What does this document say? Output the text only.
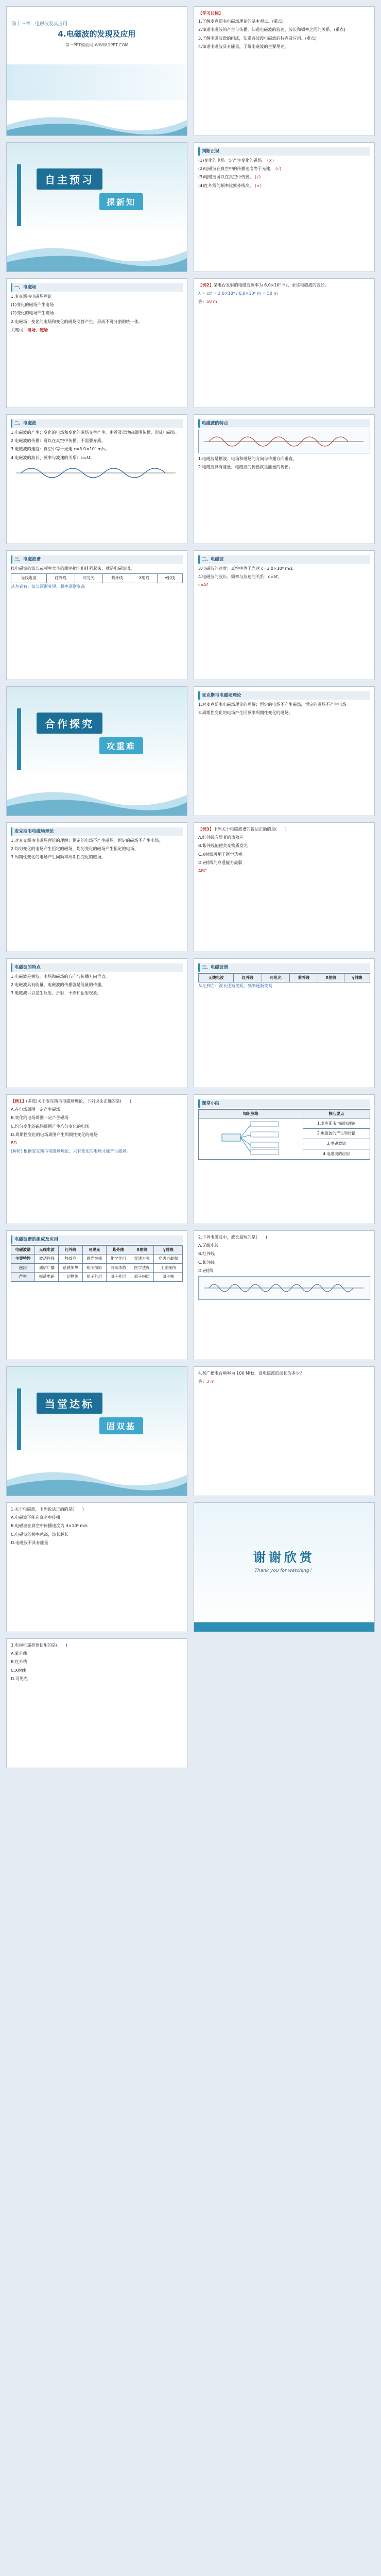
第十三章　电磁波及其应用
4.电磁波的发现及应用
第一PPT模板网-WWW.1PPT.COM
自主预习
探新知
一、电磁场

1.麦克斯韦电磁场理论

(1)变化的磁场产生电场

(2)变化的电场产生磁场

2.电磁场：变化的电场和变化的磁场交替产生，形成不可分割的统一体。

关键词：电场、磁场

二、电磁波

1.电磁波的产生：变化的电场和变化的磁场交替产生，由近及远地向周围传播，形成电磁波。

2.电磁波的传播：可以在真空中传播，不需要介质。

3.电磁波的速度：真空中等于光速 c=3.0×10⁸ m/s。

4.电磁波的波长、频率与波速的关系：c=λf。

三、电磁波谱

按电磁波的波长或频率大小的顺序把它们排列起来，就是电磁波谱。

无线电波	红外线	可见光	紫外线	X射线	γ射线

从左到右：波长逐渐变短，频率逐渐变高

合作探究
攻重难
麦克斯韦电磁场理论

1.对麦克斯韦电磁场理论的理解：恒定的电场不产生磁场，恒定的磁场不产生电场。

2.均匀变化的电场产生恒定的磁场，均匀变化的磁场产生恒定的电场。

3.周期性变化的电场产生同频率周期性变化的磁场。

电磁波的特点

1.电磁波是横波，电场和磁场的方向与传播方向垂直。

2.电磁波具有能量，电磁波的传播就是能量的传播。

3.电磁波可以发生反射、折射、干涉和衍射现象。

【例1】(多选)关于麦克斯韦电磁场理论，下列说法正确的是(　　)

A.在电场周围一定产生磁场

B.变化的电场周围一定产生磁场

C.均匀变化的磁场周围产生均匀变化的电场

D.周期性变化的电场周围产生周期性变化的磁场

BD

[解析] 根据麦克斯韦电磁场理论，只有变化的电场才能产生磁场。

电磁波谱的组成及应用
电磁波谱	无线电波	红外线	可见光	紫外线	X射线	γ射线
主要特性	波动性强	热效应	感光性强	化学作用	穿透力强	穿透力最强
应用	通信广播	遥感加热	照明摄影	消毒杀菌	医学透视	工业探伤
产生	振荡电路	一切物体	原子外层	原子外层	原子内层	原子核
当堂达标
固双基

1.关于电磁波，下列说法正确的是(　　)

A.电磁波不能在真空中传播

B.电磁波在真空中传播速度为 3×10⁸ m/s

C.电磁波的频率越高，波长越长

D.电磁波不具有能量

3.电视机遥控器使用的是(　　)

A.紫外线

B.红外线

C.X射线

D.可见光

【学习目标】

1.了解麦克斯韦电磁场理论的基本观点。(重点)

2.知道电磁波的产生与传播，知道电磁波的波速、波长和频率之间的关系。(重点)

3.了解电磁波谱的组成，知道各波段电磁波的特点及应用。(难点)

4.知道电磁波具有能量，了解电磁波的主要用途。

判断正误

(1)变化的电场一定产生变化的磁场。 (×)

(2)电磁波在真空中的传播速度等于光速。 (√)

(3)电磁波可以在真空中传播。 (√)

(4)红外线的频率比紫外线高。 (×)

【例2】某电台发射的电磁波频率为 6.0×10⁶ Hz，求该电磁波的波长。

λ = c/f = 3.0×10⁸ / 6.0×10⁶ m = 50 m

答：50 m

电磁波的特点

1.电磁波是横波，电场和磁场的方向与传播方向垂直。

2.电磁波具有能量，电磁波的传播就是能量的传播。

二、电磁波

3.电磁波的速度：真空中等于光速 c=3.0×10⁸ m/s。

4.电磁波的波长、频率与波速的关系：c=λf。

c=λf

麦克斯韦电磁场理论

1.对麦克斯韦电磁场理论的理解：恒定的电场不产生磁场，恒定的磁场不产生电场。

3.周期性变化的电场产生同频率周期性变化的磁场。

【例3】下列关于电磁波谱的说法正确的是(　　)

A.红外线有显著的热效应

B.紫外线能使荧光物质发光

C.X射线可用于医学透视

D.γ射线的穿透能力最弱

ABC

三、电磁波谱
无线电波	红外线	可见光	紫外线	X射线	γ射线

从左到右：波长逐渐变短，频率逐渐变高

课堂小结
知识脉络	核心要点
	1.麦克斯韦电磁场理论
	2.电磁波的产生和传播
	3.电磁波谱
	4.电磁波的应用

2.下列电磁波中，波长最短的是(　　)

A.无线电波

B.红外线

C.紫外线

D.γ射线

4.某广播电台频率为 100 MHz，该电磁波的波长为多少？

答：3 m

谢谢欣赏
Thank you for watching！
